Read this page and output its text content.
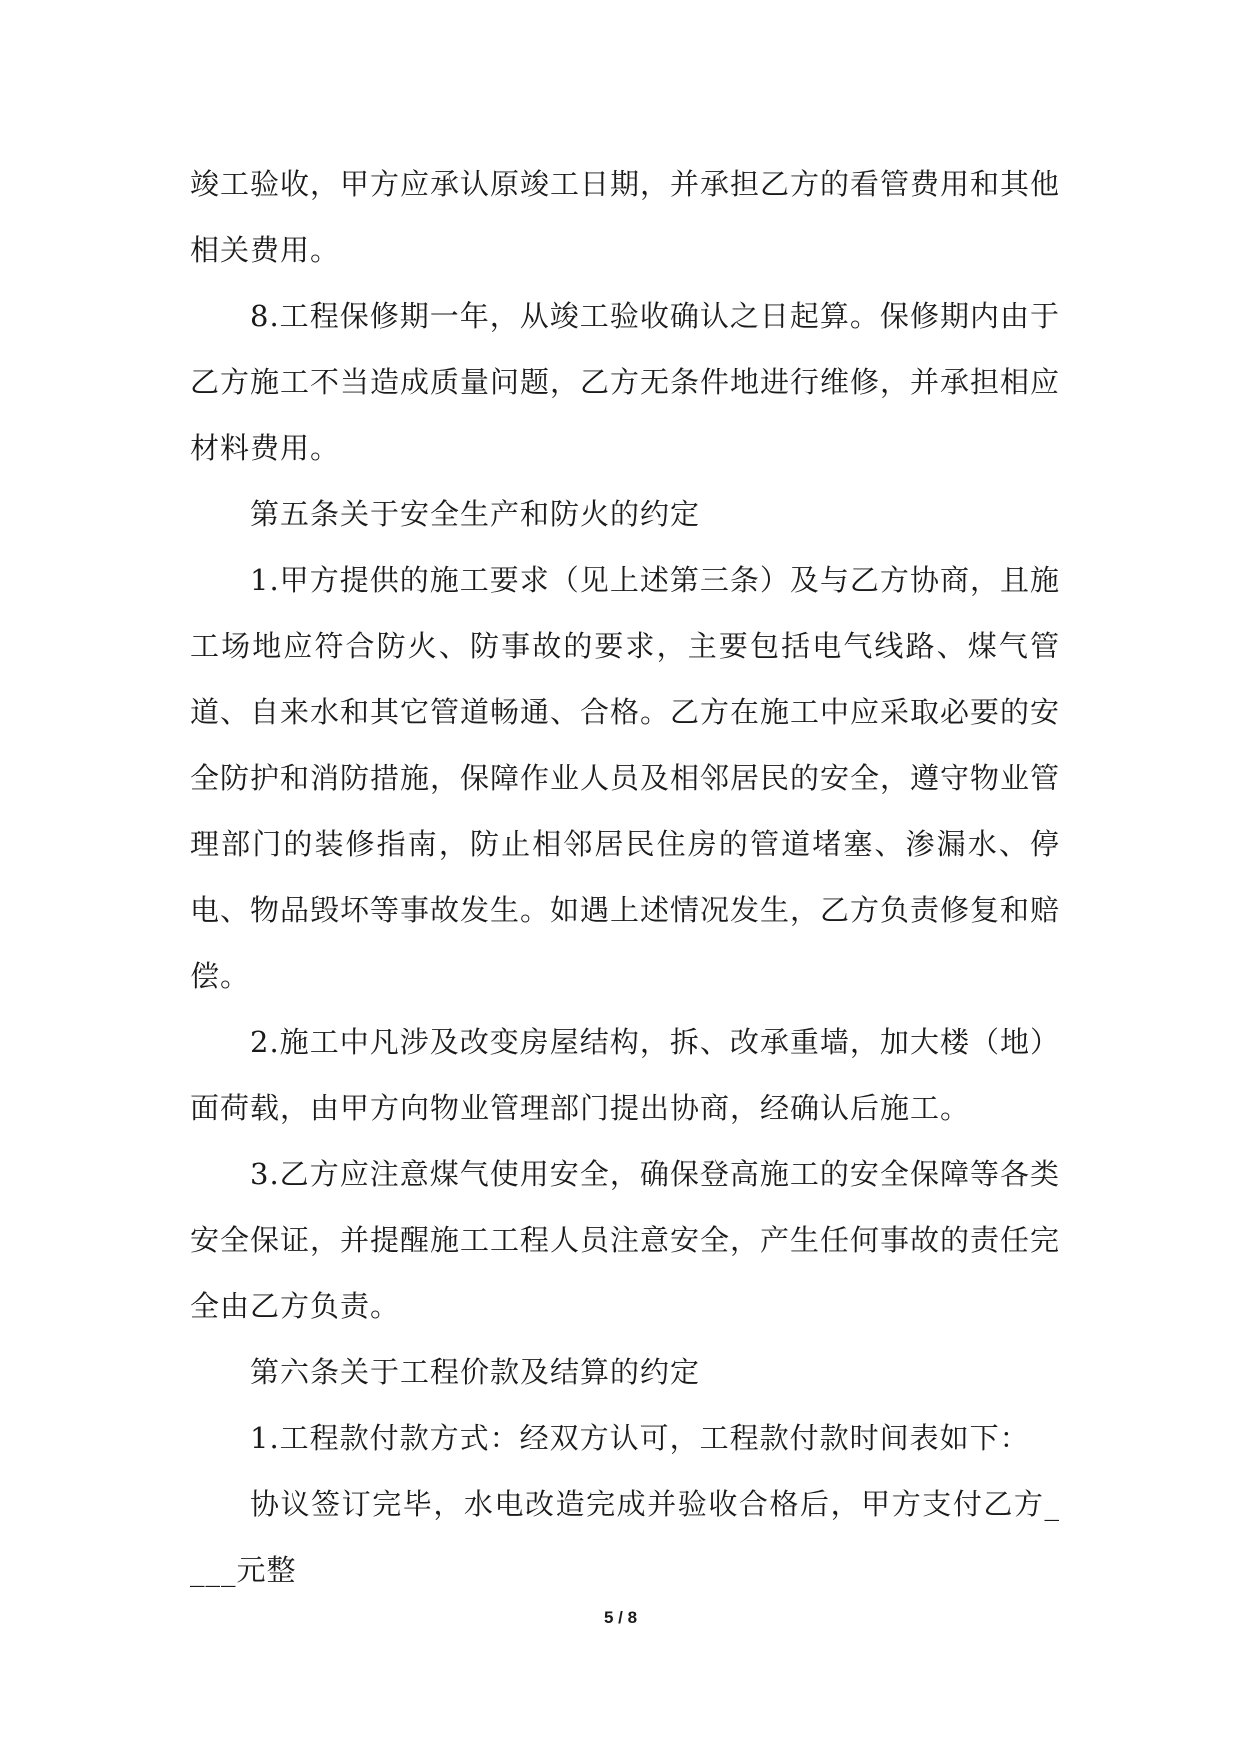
竣工验收，甲方应承认原竣工日期，并承担乙方的看管费用和其他相关费用。

8.工程保修期一年，从竣工验收确认之日起算。保修期内由于乙方施工不当造成质量问题，乙方无条件地进行维修，并承担相应材料费用。

第五条关于安全生产和防火的约定

1.甲方提供的施工要求（见上述第三条）及与乙方协商，且施工场地应符合防火、防事故的要求，主要包括电气线路、煤气管道、自来水和其它管道畅通、合格。乙方在施工中应采取必要的安全防护和消防措施，保障作业人员及相邻居民的安全，遵守物业管理部门的装修指南，防止相邻居民住房的管道堵塞、渗漏水、停电、物品毁坏等事故发生。如遇上述情况发生，乙方负责修复和赔偿。

2.施工中凡涉及改变房屋结构，拆、改承重墙，加大楼（地）面荷载，由甲方向物业管理部门提出协商，经确认后施工。

3.乙方应注意煤气使用安全，确保登高施工的安全保障等各类安全保证，并提醒施工工程人员注意安全，产生任何事故的责任完全由乙方负责。

第六条关于工程价款及结算的约定

1.工程款付款方式：经双方认可，工程款付款时间表如下：

协议签订完毕，水电改造完成并验收合格后，甲方支付乙方____元整

5 / 8
